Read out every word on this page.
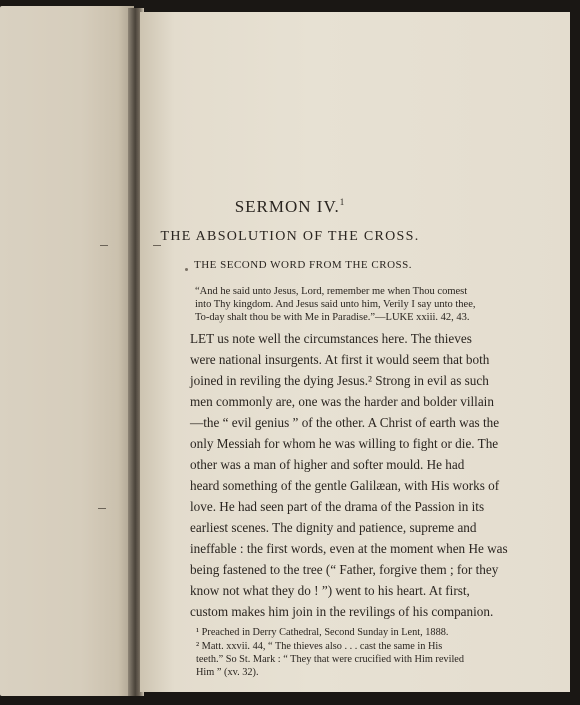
SERMON IV.$^1$
THE ABSOLUTION OF THE CROSS.
THE SECOND WORD FROM THE CROSS.
“And he said unto Jesus, Lord, remember me when Thou comest
into Thy kingdom. And Jesus said unto him, Verily I say unto thee,
To-day shalt thou be with Me in Paradise.”—LUKE xxiii. 42, 43.
LET us note well the circumstances here. The thieves
were national insurgents. At first it would seem that both
joined in reviling the dying Jesus.² Strong in evil as such
men commonly are, one was the harder and bolder villain
—the “ evil genius ” of the other. A Christ of earth was the
only Messiah for whom he was willing to fight or die. The
other was a man of higher and softer mould. He had
heard something of the gentle Galilæan, with His works of
love. He had seen part of the drama of the Passion in its
earliest scenes. The dignity and patience, supreme and
ineffable : the first words, even at the moment when He was
being fastened to the tree (“ Father, forgive them ; for they
know not what they do ! ”) went to his heart. At first,
custom makes him join in the revilings of his companion.
¹ Preached in Derry Cathedral, Second Sunday in Lent, 1888.
² Matt. xxvii. 44, “ The thieves also . . . cast the same in His
teeth.” So St. Mark : “ They that were crucified with Him reviled
Him ” (xv. 32).
